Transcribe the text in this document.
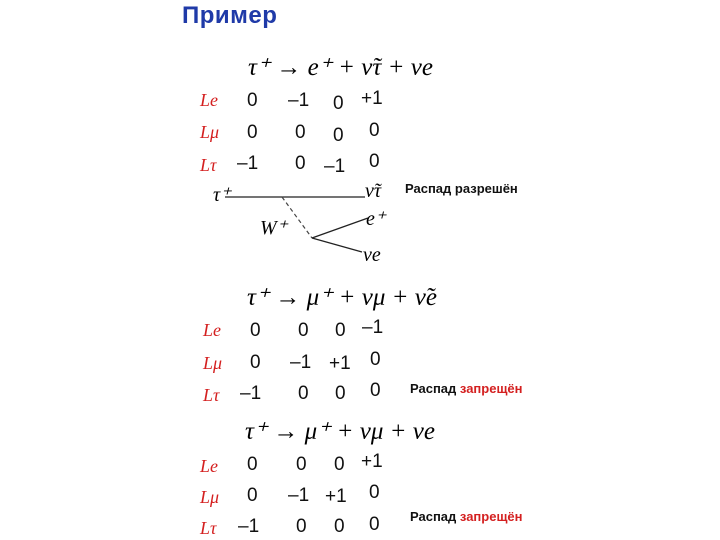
Пример
τ⁺ → e⁺ + ν̃τ + νe
Le 0 –1 0 +1
Lμ 0 0 0 0
Lτ –1 0 –1 0
Распад разрешён
τ⁺
W⁺
ν̃τ
e⁺
νe
τ⁺ → μ⁺ + νμ + ν̃e
Le 0 0 0 –1
Lμ 0 –1 +1 0
Lτ –1 0 0 0 Распад запрещён
τ⁺ → μ⁺ + νμ + νe
Le 0 0 0 +1
Lμ 0 –1 +1 0
Lτ –1 0 0 0 Распад запрещён
